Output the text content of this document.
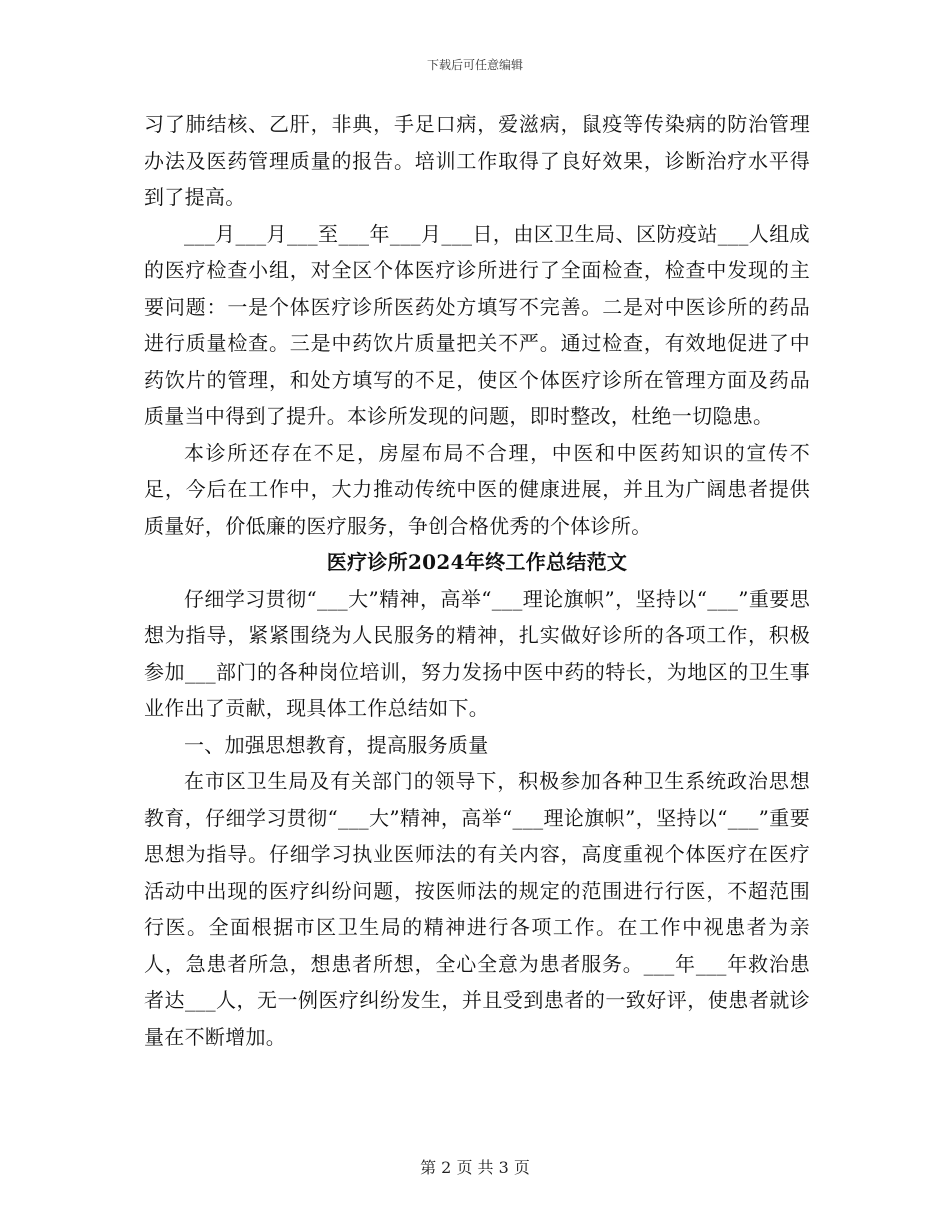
下载后可任意编辑

习了肺结核、乙肝，非典，手足口病，爱滋病，鼠疫等传染病的防治管理办法及医药管理质量的报告。培训工作取得了良好效果，诊断治疗水平得到了提高。

___月___月___至___年___月___日，由区卫生局、区防疫站___人组成的医疗检查小组，对全区个体医疗诊所进行了全面检查，检查中发现的主要问题：一是个体医疗诊所医药处方填写不完善。二是对中医诊所的药品进行质量检查。三是中药饮片质量把关不严。通过检查，有效地促进了中药饮片的管理，和处方填写的不足，使区个体医疗诊所在管理方面及药品质量当中得到了提升。本诊所发现的问题，即时整改，杜绝一切隐患。

本诊所还存在不足，房屋布局不合理，中医和中医药知识的宣传不足，今后在工作中，大力推动传统中医的健康进展，并且为广阔患者提供质量好，价低廉的医疗服务，争创合格优秀的个体诊所。

医疗诊所2024年终工作总结范文

仔细学习贯彻“___大”精神，高举“___理论旗帜”，坚持以“___”重要思想为指导，紧紧围绕为人民服务的精神，扎实做好诊所的各项工作，积极参加___部门的各种岗位培训，努力发扬中医中药的特长，为地区的卫生事业作出了贡献，现具体工作总结如下。

一、加强思想教育，提高服务质量

在市区卫生局及有关部门的领导下，积极参加各种卫生系统政治思想教育，仔细学习贯彻“___大”精神，高举“___理论旗帜”，坚持以“___”重要思想为指导。仔细学习执业医师法的有关内容，高度重视个体医疗在医疗活动中出现的医疗纠纷问题，按医师法的规定的范围进行行医，不超范围行医。全面根据市区卫生局的精神进行各项工作。在工作中视患者为亲人，急患者所急，想患者所想，全心全意为患者服务。___年___年救治患者达___人，无一例医疗纠纷发生，并且受到患者的一致好评，使患者就诊量在不断增加。

第 2 页 共 3 页
